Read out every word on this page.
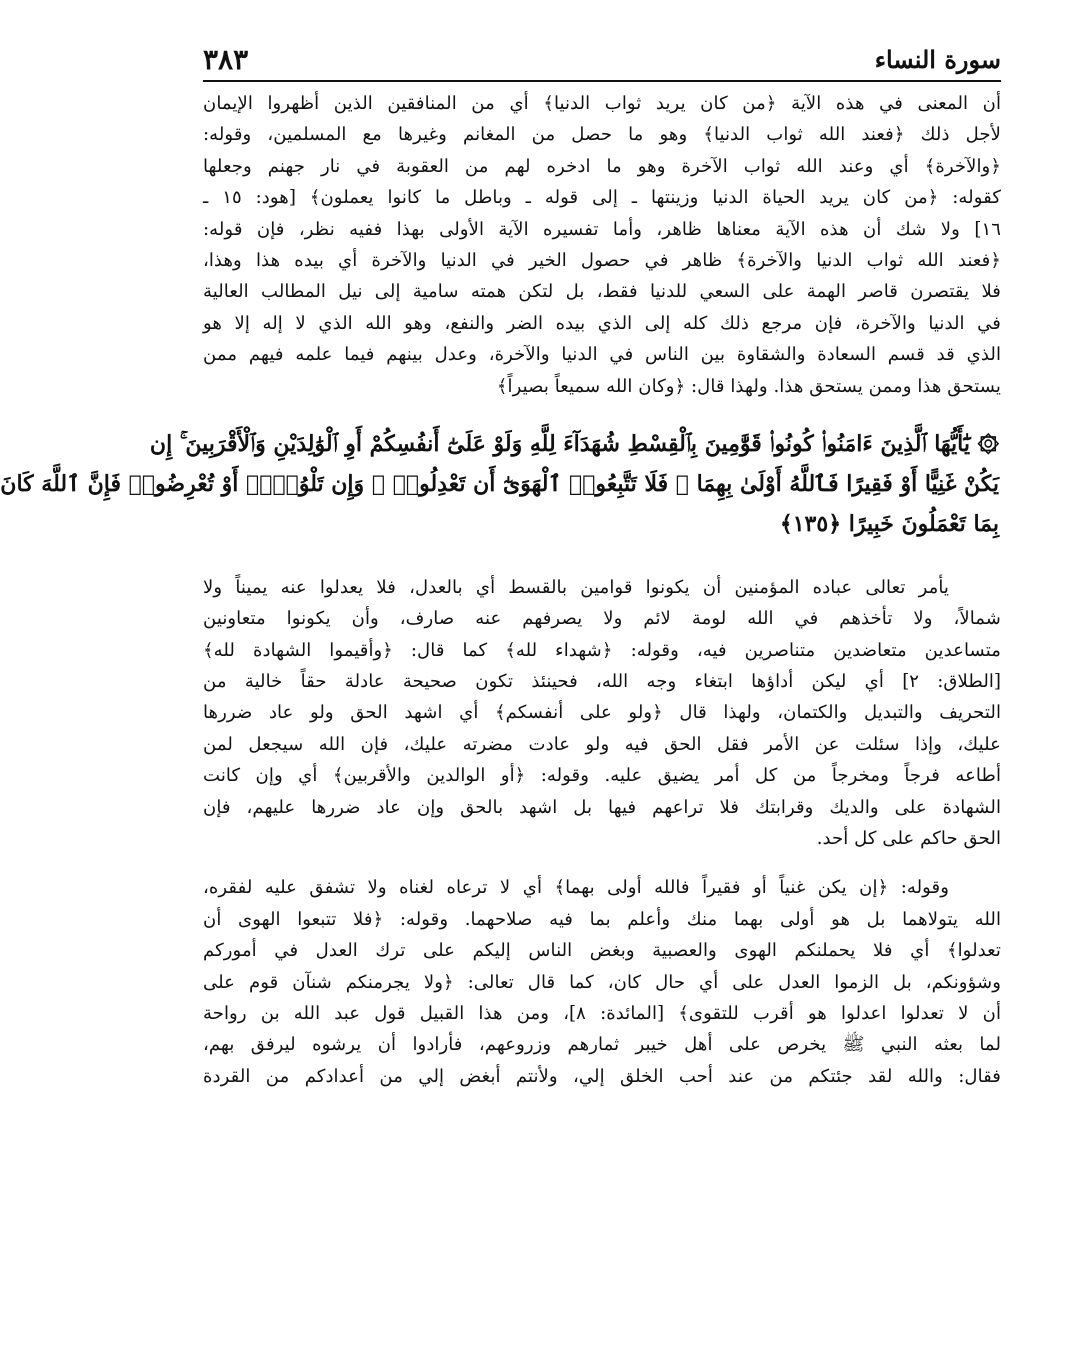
سورة النساء
٣٨٣

أن المعنى في هذه الآية ﴿من كان يريد ثواب الدنيا﴾ أي من المنافقين الذين أظهروا الإيمان

لأجل ذلك ﴿فعند الله ثواب الدنيا﴾ وهو ما حصل من المغانم وغيرها مع المسلمين، وقوله:

﴿والآخرة﴾ أي وعند الله ثواب الآخرة وهو ما ادخره لهم من العقوبة في نار جهنم وجعلها

كقوله: ﴿من كان يريد الحياة الدنيا وزينتها ـ إلى قوله ـ وباطل ما كانوا يعملون﴾ [هود: ١٥ ـ

١٦] ولا شك أن هذه الآية معناها ظاهر، وأما تفسيره الآية الأولى بهذا ففيه نظر، فإن قوله:

﴿فعند الله ثواب الدنيا والآخرة﴾ ظاهر في حصول الخير في الدنيا والآخرة أي بيده هذا وهذا،

فلا يقتصرن قاصر الهمة على السعي للدنيا فقط، بل لتكن همته سامية إلى نيل المطالب العالية

في الدنيا والآخرة، فإن مرجع ذلك كله إلى الذي بيده الضر والنفع، وهو الله الذي لا إله إلا هو

الذي قد قسم السعادة والشقاوة بين الناس في الدنيا والآخرة، وعدل بينهم فيما علمه فيهم ممن

يستحق هذا وممن يستحق هذا. ولهذا قال: ﴿وكان الله سميعاً بصيراً﴾

۞ يَٰٓأَيُّهَا ٱلَّذِينَ ءَامَنُوا۟ كُونُوا۟ قَوَّٰمِينَ بِٱلْقِسْطِ شُهَدَآءَ لِلَّهِ وَلَوْ عَلَىٰٓ أَنفُسِكُمْ أَوِ ٱلْوَٰلِدَيْنِ وَٱلْأَقْرَبِينَ ۚ إِن

يَكُنْ غَنِيًّا أَوْ فَقِيرًا فَٱللَّهُ أَوْلَىٰ بِهِمَا ۖ فَلَا تَتَّبِعُوا۟ ٱلْهَوَىٰٓ أَن تَعْدِلُوا۟ ۚ وَإِن تَلْوُۥٓا۟ أَوْ تُعْرِضُوا۟ فَإِنَّ ٱللَّهَ كَانَ

بِمَا تَعْمَلُونَ خَبِيرًا ﴿١٣٥﴾

يأمر تعالى عباده المؤمنين أن يكونوا قوامين بالقسط أي بالعدل، فلا يعدلوا عنه يميناً ولا

شمالاً، ولا تأخذهم في الله لومة لائم ولا يصرفهم عنه صارف، وأن يكونوا متعاونين

متساعدين متعاضدين متناصرين فيه، وقوله: ﴿شهداء لله﴾ كما قال: ﴿وأقيموا الشهادة لله﴾

[الطلاق: ٢] أي ليكن أداؤها ابتغاء وجه الله، فحينئذ تكون صحيحة عادلة حقاً خالية من

التحريف والتبديل والكتمان، ولهذا قال ﴿ولو على أنفسكم﴾ أي اشهد الحق ولو عاد ضررها

عليك، وإذا سئلت عن الأمر فقل الحق فيه ولو عادت مضرته عليك، فإن الله سيجعل لمن

أطاعه فرجاً ومخرجاً من كل أمر يضيق عليه. وقوله: ﴿أو الوالدين والأقربين﴾ أي وإن كانت

الشهادة على والديك وقرابتك فلا تراعهم فيها بل اشهد بالحق وإن عاد ضررها عليهم، فإن

الحق حاكم على كل أحد.

وقوله: ﴿إن يكن غنياً أو فقيراً فالله أولى بهما﴾ أي لا ترعاه لغناه ولا تشفق عليه لفقره،

الله يتولاهما بل هو أولى بهما منك وأعلم بما فيه صلاحهما. وقوله: ﴿فلا تتبعوا الهوى أن

تعدلوا﴾ أي فلا يحملنكم الهوى والعصبية وبغض الناس إليكم على ترك العدل في أموركم

وشؤونكم، بل الزموا العدل على أي حال كان، كما قال تعالى: ﴿ولا يجرمنكم شنآن قوم على

أن لا تعدلوا اعدلوا هو أقرب للتقوى﴾ [المائدة: ٨]، ومن هذا القبيل قول عبد الله بن رواحة

لما بعثه النبي ﷺ يخرص على أهل خيبر ثمارهم وزروعهم، فأرادوا أن يرشوه ليرفق بهم،

فقال: والله لقد جئتكم من عند أحب الخلق إلي، ولأنتم أبغض إلي من أعدادكم من القردة
